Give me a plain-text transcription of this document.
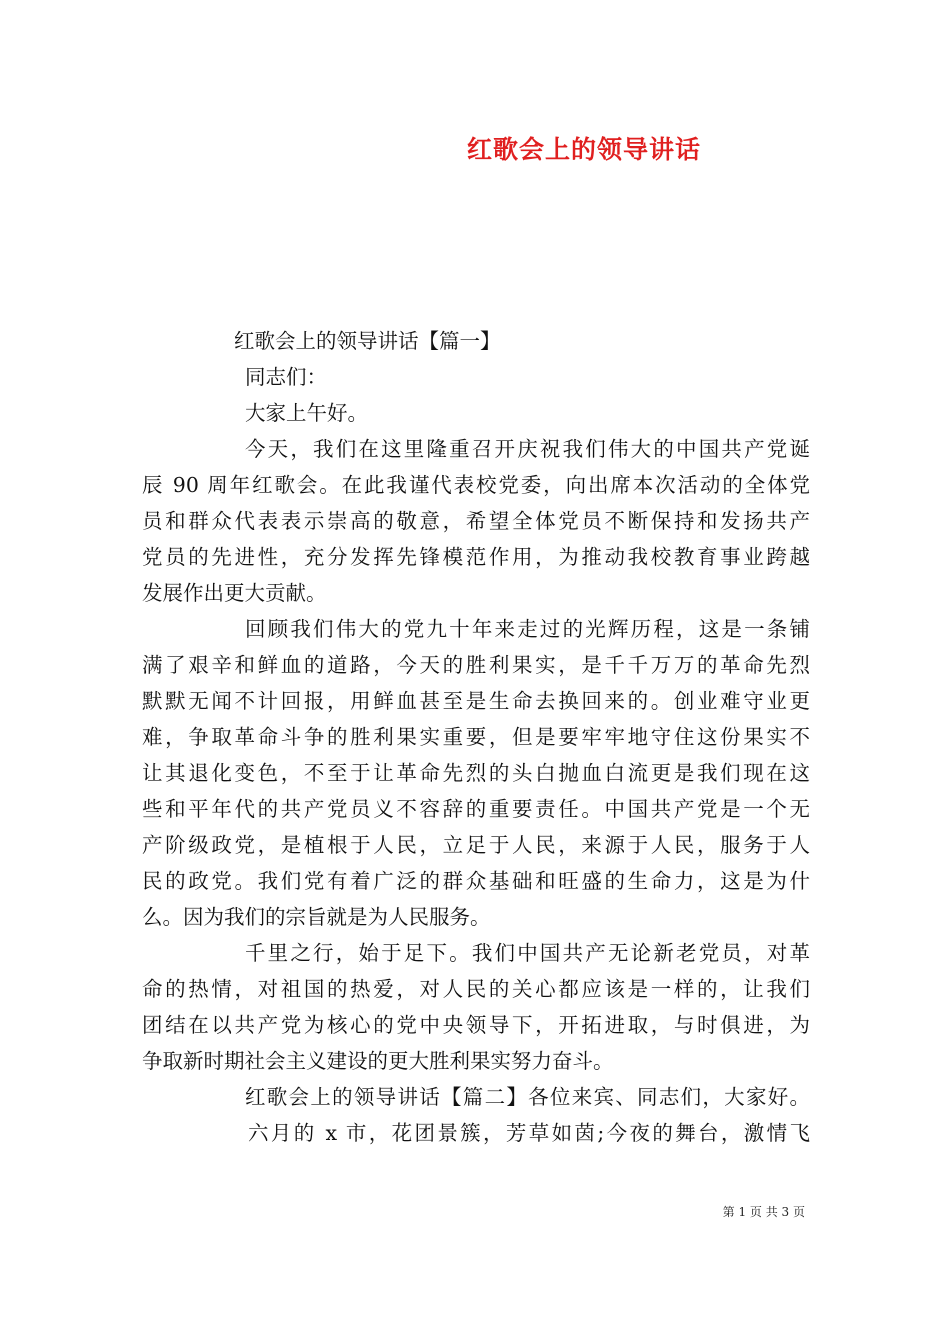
红歌会上的领导讲话
红歌会上的领导讲话【篇一】
同志们：
大家上午好。
今天，我们在这里隆重召开庆祝我们伟大的中国共产党诞
辰 90 周年红歌会。在此我谨代表校党委，向出席本次活动的全体党
员和群众代表表示崇高的敬意，希望全体党员不断保持和发扬共产
党员的先进性，充分发挥先锋模范作用，为推动我校教育事业跨越
发展作出更大贡献。
回顾我们伟大的党九十年来走过的光辉历程，这是一条铺
满了艰辛和鲜血的道路，今天的胜利果实，是千千万万的革命先烈
默默无闻不计回报，用鲜血甚至是生命去换回来的。创业难守业更
难，争取革命斗争的胜利果实重要，但是要牢牢地守住这份果实不
让其退化变色，不至于让革命先烈的头白抛血白流更是我们现在这
些和平年代的共产党员义不容辞的重要责任。中国共产党是一个无
产阶级政党，是植根于人民，立足于人民，来源于人民，服务于人
民的政党。我们党有着广泛的群众基础和旺盛的生命力，这是为什
么。因为我们的宗旨就是为人民服务。
千里之行，始于足下。我们中国共产无论新老党员，对革
命的热情，对祖国的热爱，对人民的关心都应该是一样的，让我们
团结在以共产党为核心的党中央领导下，开拓进取，与时俱进，为
争取新时期社会主义建设的更大胜利果实努力奋斗。
红歌会上的领导讲话【篇二】各位来宾、同志们，大家好。
六月的 x 市，花团景簇，芳草如茵;今夜的舞台，激情飞
第 1 页 共 3 页
